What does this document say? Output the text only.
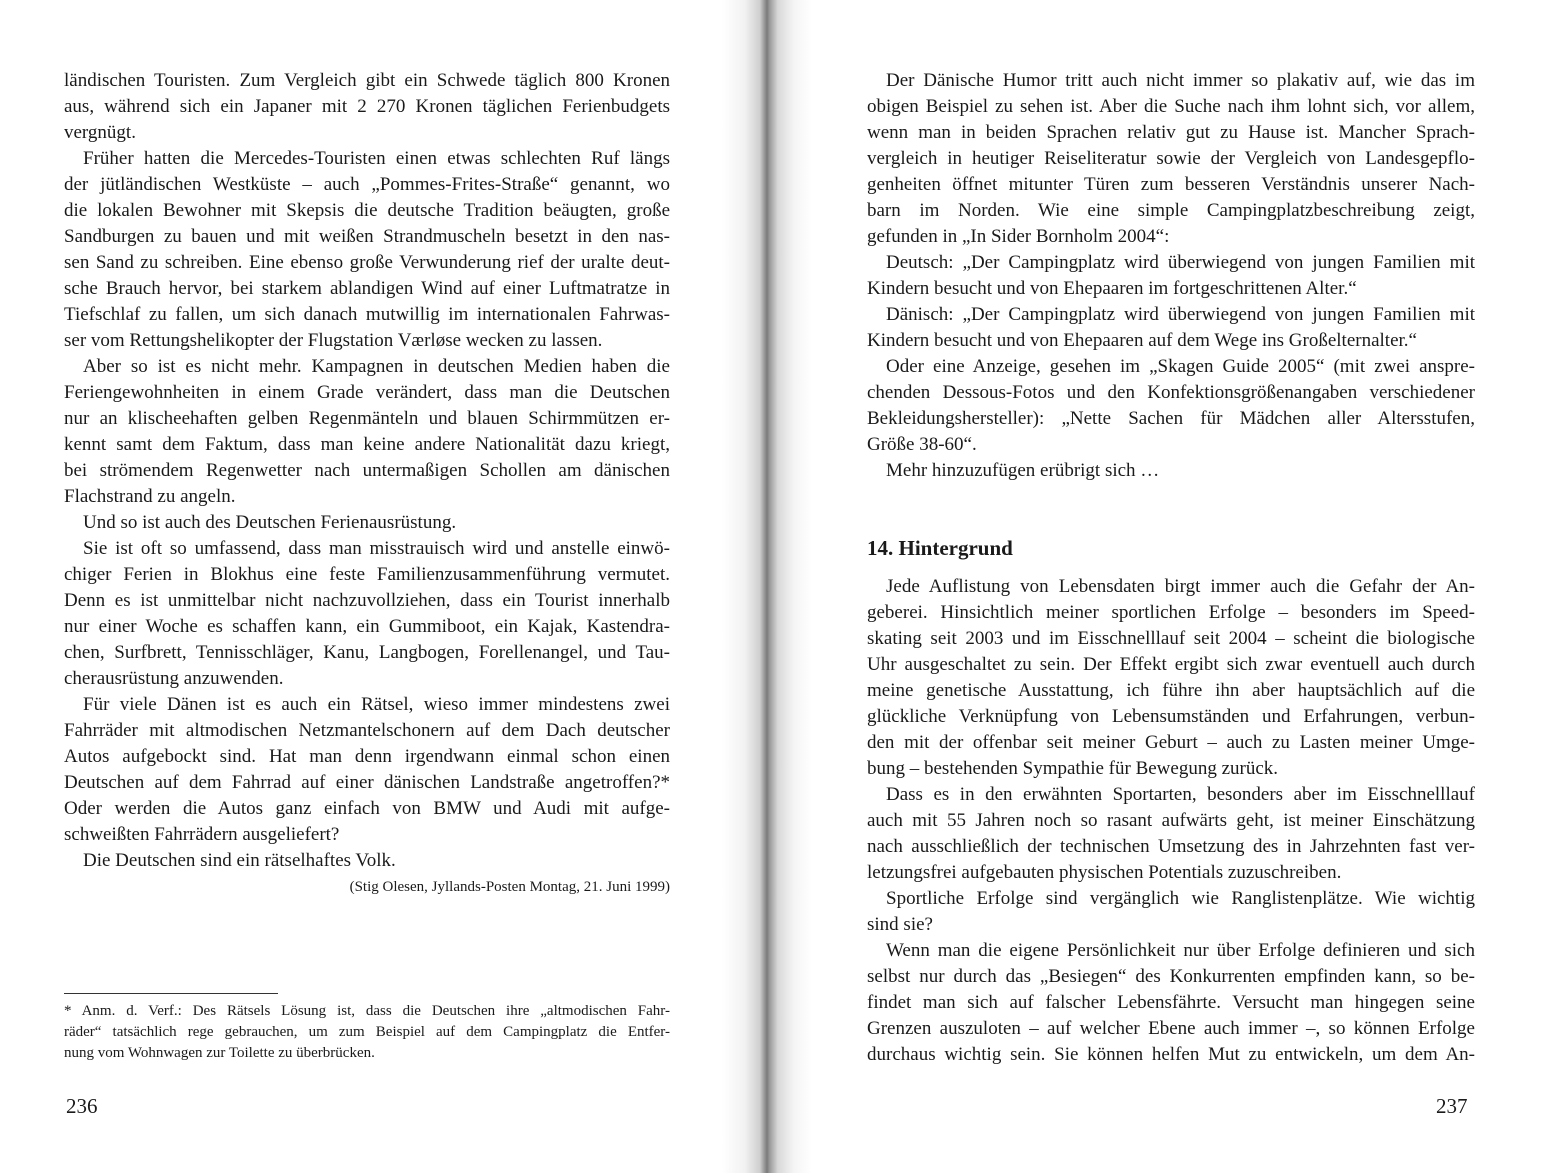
ländischen Touristen. Zum Vergleich gibt ein Schwede täglich 800 Kronen
aus, während sich ein Japaner mit 2 270 Kronen täglichen Ferienbudgets
vergnügt.
Früher hatten die Mercedes-Touristen einen etwas schlechten Ruf längs
der jütländischen Westküste – auch „Pommes-Frites-Straße“ genannt, wo
die lokalen Bewohner mit Skepsis die deutsche Tradition beäugten, große
Sandburgen zu bauen und mit weißen Strandmuscheln besetzt in den nas-
sen Sand zu schreiben. Eine ebenso große Verwunderung rief der uralte deut-
sche Brauch hervor, bei starkem ablandigen Wind auf einer Luftmatratze in
Tiefschlaf zu fallen, um sich danach mutwillig im internationalen Fahrwas-
ser vom Rettungshelikopter der Flugstation Værløse wecken zu lassen.
Aber so ist es nicht mehr. Kampagnen in deutschen Medien haben die
Feriengewohnheiten in einem Grade verändert, dass man die Deutschen
nur an klischeehaften gelben Regenmänteln und blauen Schirmmützen er-
kennt samt dem Faktum, dass man keine andere Nationalität dazu kriegt,
bei strömendem Regenwetter nach untermaßigen Schollen am dänischen
Flachstrand zu angeln.
Und so ist auch des Deutschen Ferienausrüstung.
Sie ist oft so umfassend, dass man misstrauisch wird und anstelle einwö-
chiger Ferien in Blokhus eine feste Familienzusammenführung vermutet.
Denn es ist unmittelbar nicht nachzuvollziehen, dass ein Tourist innerhalb
nur einer Woche es schaffen kann, ein Gummiboot, ein Kajak, Kastendra-
chen, Surfbrett, Tennisschläger, Kanu, Langbogen, Forellenangel, und Tau-
cherausrüstung anzuwenden.
Für viele Dänen ist es auch ein Rätsel, wieso immer mindestens zwei
Fahrräder mit altmodischen Netzmantelschonern auf dem Dach deutscher
Autos aufgebockt sind. Hat man denn irgendwann einmal schon einen
Deutschen auf dem Fahrrad auf einer dänischen Landstraße angetroffen?*
Oder werden die Autos ganz einfach von BMW und Audi mit aufge-
schweißten Fahrrädern ausgeliefert?
Die Deutschen sind ein rätselhaftes Volk.
(Stig Olesen, Jyllands-Posten Montag, 21. Juni 1999)
* Anm. d. Verf.: Des Rätsels Lösung ist, dass die Deutschen ihre „altmodischen Fahr-
räder“ tatsächlich rege gebrauchen, um zum Beispiel auf dem Campingplatz die Entfer-
nung vom Wohnwagen zur Toilette zu überbrücken.
Der Dänische Humor tritt auch nicht immer so plakativ auf, wie das im
obigen Beispiel zu sehen ist. Aber die Suche nach ihm lohnt sich, vor allem,
wenn man in beiden Sprachen relativ gut zu Hause ist. Mancher Sprach-
vergleich in heutiger Reiseliteratur sowie der Vergleich von Landesgepflo-
genheiten öffnet mitunter Türen zum besseren Verständnis unserer Nach-
barn im Norden. Wie eine simple Campingplatzbeschreibung zeigt,
gefunden in „In Sider Bornholm 2004“:
Deutsch: „Der Campingplatz wird überwiegend von jungen Familien mit
Kindern besucht und von Ehepaaren im fortgeschrittenen Alter.“
Dänisch: „Der Campingplatz wird überwiegend von jungen Familien mit
Kindern besucht und von Ehepaaren auf dem Wege ins Großelternalter.“
Oder eine Anzeige, gesehen im „Skagen Guide 2005“ (mit zwei anspre-
chenden Dessous-Fotos und den Konfektionsgrößenangaben verschiedener
Bekleidungshersteller): „Nette Sachen für Mädchen aller Altersstufen,
Größe 38-60“.
Mehr hinzuzufügen erübrigt sich …
14. Hintergrund
Jede Auflistung von Lebensdaten birgt immer auch die Gefahr der An-
geberei. Hinsichtlich meiner sportlichen Erfolge – besonders im Speed-
skating seit 2003 und im Eisschnelllauf seit 2004 – scheint die biologische
Uhr ausgeschaltet zu sein. Der Effekt ergibt sich zwar eventuell auch durch
meine genetische Ausstattung, ich führe ihn aber hauptsächlich auf die
glückliche Verknüpfung von Lebensumständen und Erfahrungen, verbun-
den mit der offenbar seit meiner Geburt – auch zu Lasten meiner Umge-
bung – bestehenden Sympathie für Bewegung zurück.
Dass es in den erwähnten Sportarten, besonders aber im Eisschnelllauf
auch mit 55 Jahren noch so rasant aufwärts geht, ist meiner Einschätzung
nach ausschließlich der technischen Umsetzung des in Jahrzehnten fast ver-
letzungsfrei aufgebauten physischen Potentials zuzuschreiben.
Sportliche Erfolge sind vergänglich wie Ranglistenplätze. Wie wichtig
sind sie?
Wenn man die eigene Persönlichkeit nur über Erfolge definieren und sich
selbst nur durch das „Besiegen“ des Konkurrenten empfinden kann, so be-
findet man sich auf falscher Lebensfährte. Versucht man hingegen seine
Grenzen auszuloten – auf welcher Ebene auch immer –, so können Erfolge
durchaus wichtig sein. Sie können helfen Mut zu entwickeln, um dem An-
236	237
